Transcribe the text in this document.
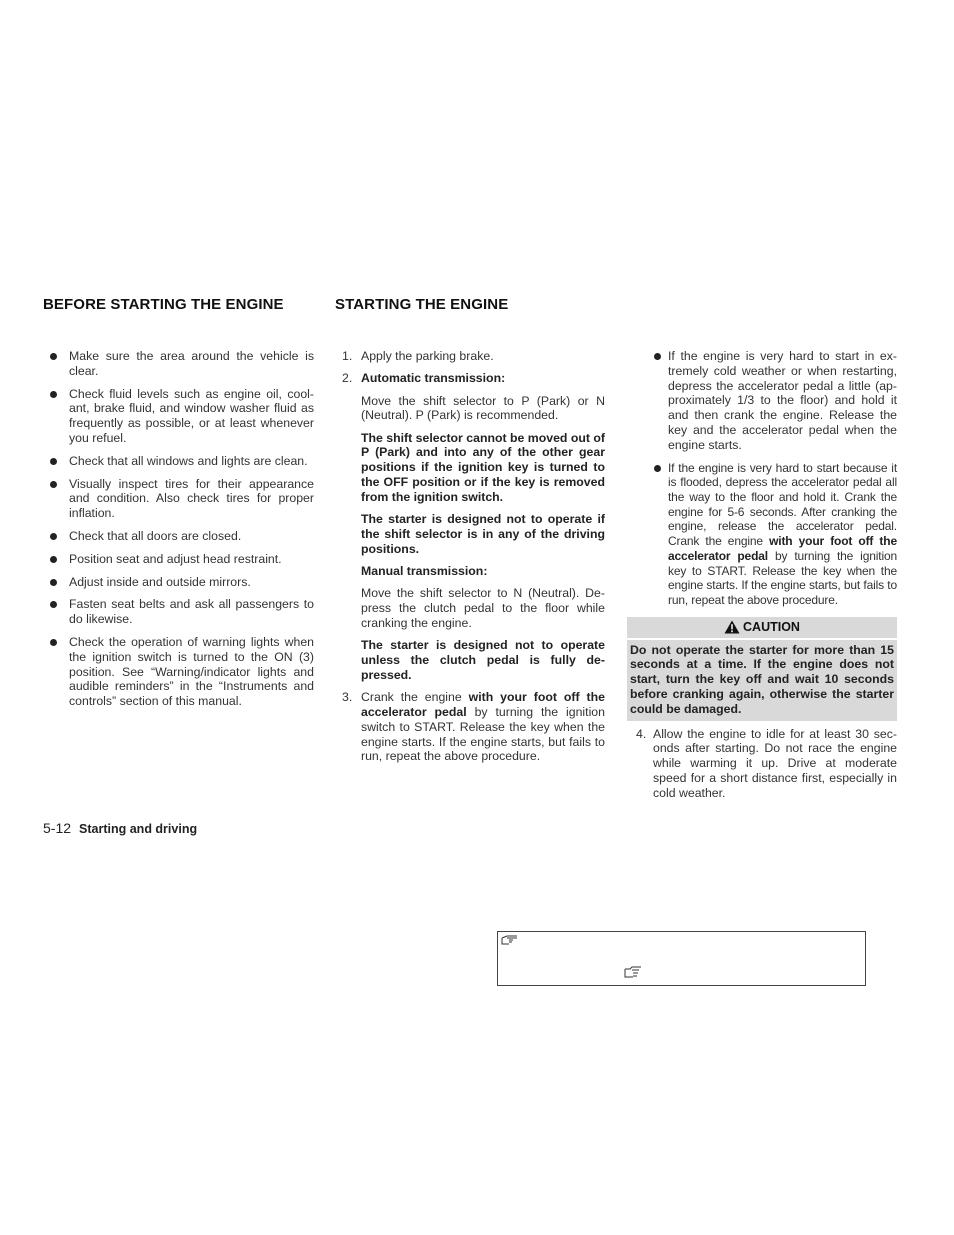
BEFORE STARTING THE ENGINE	STARTING THE ENGINE
Make sure the area around the vehicle is clear.
Check fluid levels such as engine oil, cool-ant, brake fluid, and window washer fluid as frequently as possible, or at least whenever you refuel.
Check that all windows and lights are clean.
Visually inspect tires for their appearance and condition. Also check tires for proper inflation.
Check that all doors are closed.
Position seat and adjust head restraint.
Adjust inside and outside mirrors.
Fasten seat belts and ask all passengers to do likewise.
Check the operation of warning lights when the ignition switch is turned to the ON (3) position. See “Warning/indicator lights and audible reminders” in the “Instruments and controls” section of this manual.
1. Apply the parking brake.
2. Automatic transmission:
Move the shift selector to P (Park) or N (Neutral). P (Park) is recommended.
The shift selector cannot be moved out of P (Park) and into any of the other gear positions if the ignition key is turned to the OFF position or if the key is removed from the ignition switch.
The starter is designed not to operate if the shift selector is in any of the driving positions.
Manual transmission:
Move the shift selector to N (Neutral). De-press the clutch pedal to the floor while cranking the engine.
The starter is designed not to operate unless the clutch pedal is fully de-pressed.
3. Crank the engine with your foot off the accelerator pedal by turning the ignition switch to START. Release the key when the engine starts. If the engine starts, but fails to run, repeat the above procedure.
If the engine is very hard to start in ex-tremely cold weather or when restarting, depress the accelerator pedal a little (ap-proximately 1/3 to the floor) and hold it and then crank the engine. Release the key and the accelerator pedal when the engine starts.
If the engine is very hard to start because it is flooded, depress the accelerator pedal all the way to the floor and hold it. Crank the engine for 5-6 seconds. After cranking the engine, release the accelerator pedal. Crank the engine with your foot off the accelerator pedal by turning the ignition key to START. Release the key when the engine starts. If the engine starts, but fails to run, repeat the above procedure.
CAUTION
Do not operate the starter for more than 15 seconds at a time. If the engine does not start, turn the key off and wait 10 seconds before cranking again, otherwise the starter could be damaged.
4. Allow the engine to idle for at least 30 sec-onds after starting. Do not race the engine while warming it up. Drive at moderate speed for a short distance first, especially in cold weather.
5-12 Starting and driving
